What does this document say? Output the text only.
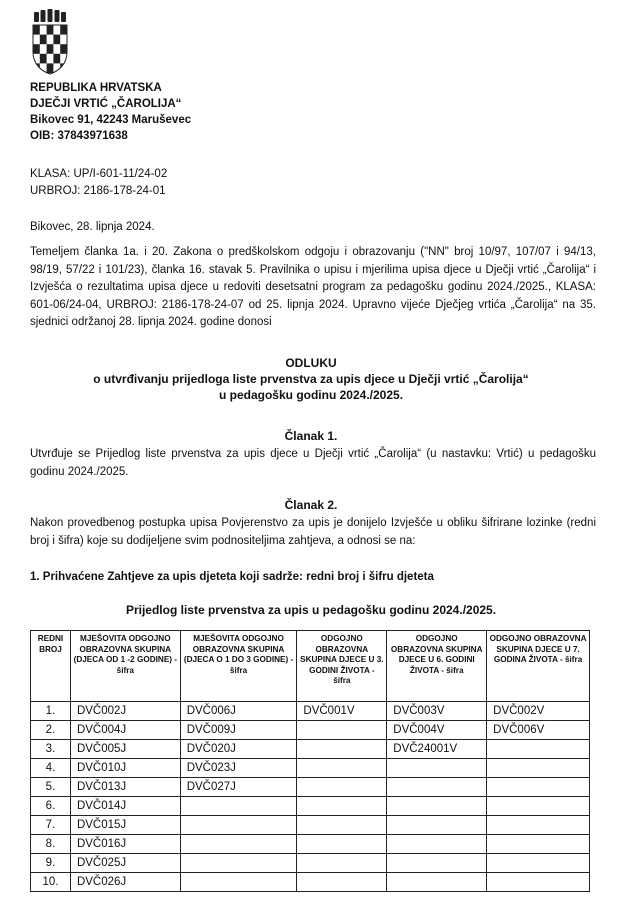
REPUBLIKA HRVATSKA
DJEČJI VRTIĆ „ČAROLIJA“
Bikovec 91, 42243 Maruševec
OIB: 37843971638
KLASA: UP/I-601-11/24-02
URBROJ: 2186-178-24-01
Bikovec, 28. lipnja 2024.
Temeljem članka 1a. i 20. Zakona o predškolskom odgoju i obrazovanju ("NN" broj 10/97, 107/07 i 94/13, 98/19, 57/22 i 101/23), članka 16. stavak 5. Pravilnika o upisu i mjerilima upisa djece u Dječji vrtić „Čarolija“ i Izvješća o rezultatima upisa djece u redoviti desetsatni program za pedagošku godinu 2024./2025., KLASA: 601-06/24-04, URBROJ: 2186-178-24-07 od 25. lipnja 2024. Upravno vijeće Dječjeg vrtića „Čarolija“ na 35. sjednici održanoj 28. lipnja 2024. godine donosi
ODLUKU
o utvrđivanju prijedloga liste prvenstva za upis djece u Dječji vrtić „Čarolija“
u pedagošku godinu 2024./2025.
Članak 1.
Utvrđuje se Prijedlog liste prvenstva za upis djece u Dječji vrtić „Čarolija“ (u nastavku: Vrtić) u pedagošku godinu 2024./2025.
Članak 2.
Nakon provedbenog postupka upisa Povjerenstvo za upis je donijelo Izvješće u obliku šifrirane lozinke (redni broj i šifra) koje su dodijeljene svim podnositeljima zahtjeva, a odnosi se na:
1. Prihvaćene Zahtjeve za upis djeteta koji sadrže: redni broj i šifru djeteta
Prijedlog liste prvenstva za upis u pedagošku godinu 2024./2025.
REDNI BROJ	MJEŠOVITA ODGOJNO OBRAZOVNA SKUPINA (DJECA OD 1 -2 GODINE) - šifra	MJEŠOVITA ODGOJNO OBRAZOVNA SKUPINA (DJECA O 1 DO 3 GODINE) - šifra	ODGOJNO OBRAZOVNA SKUPINA DJECE U 3. GODINI ŽIVOTA - šifra	ODGOJNO OBRAZOVNA SKUPINA DJECE U 6. GODINI ŽIVOTA - šifra	ODGOJNO OBRAZOVNA SKUPINA DJECE U 7. GODINA ŽIVOTA - šifra
1.	DVČ002J	DVČ006J	DVČ001V	DVČ003V	DVČ002V
2.	DVČ004J	DVČ009J		DVČ004V	DVČ006V
3.	DVČ005J	DVČ020J		DVČ24001V	
4.	DVČ010J	DVČ023J			
5.	DVČ013J	DVČ027J			
6.	DVČ014J				
7.	DVČ015J				
8.	DVČ016J				
9.	DVČ025J				
10.	DVČ026J				
